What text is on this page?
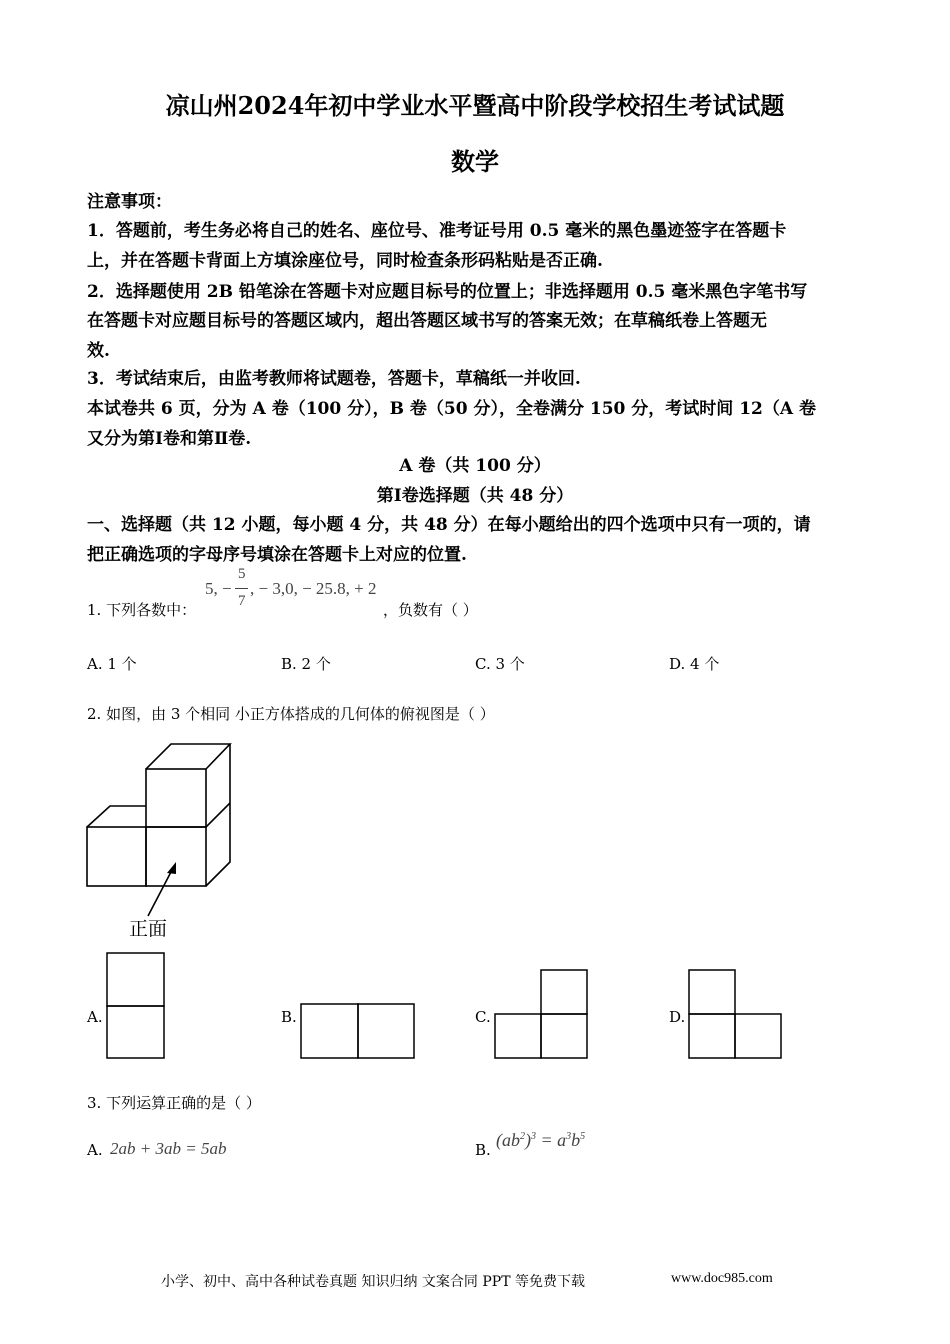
凉山州2024年初中学业水平暨高中阶段学校招生考试试题
数学
注意事项：
1．答题前，考生务必将自己的姓名、座位号、准考证号用 0.5 毫米的黑色墨迹签字在答题卡
上，并在答题卡背面上方填涂座位号，同时检查条形码粘贴是否正确.
2．选择题使用 2B 铅笔涂在答题卡对应题目标号的位置上；非选择题用 0.5 毫米黑色字笔书写
在答题卡对应题目标号的答题区域内，超出答题区域书写的答案无效；在草稿纸卷上答题无
效.
3．考试结束后，由监考教师将试题卷，答题卡，草稿纸一并收回.
本试卷共 6 页，分为 A 卷（100 分），B 卷（50 分），全卷满分 150 分，考试时间 12（A 卷
又分为第Ⅰ卷和第Ⅱ卷.
A 卷（共 100 分）
第Ⅰ卷选择题（共 48 分）
一、选择题（共 12 小题，每小题 4 分，共 48 分）在每小题给出的四个选项中只有一项的，请
把正确选项的字母序号填涂在答题卡上对应的位置.
1. 下列各数中：
5, −
5
7
, − 3,0, − 25.8, + 2
，负数有（ ）
A. 1 个	B. 2 个	C. 3 个	D. 4 个
2. 如图，由 3 个相同 小正方体搭成的几何体的俯视图是（ ）
正面
A.	B.	C.	D.
3. 下列运算正确的是（ ）
A. 2ab + 3ab = 5ab	B. $(ab^2)^3 = a^3b^5$
小学、初中、高中各种试卷真题 知识归纳 文案合同 PPT 等免费下载	www.doc985.com
